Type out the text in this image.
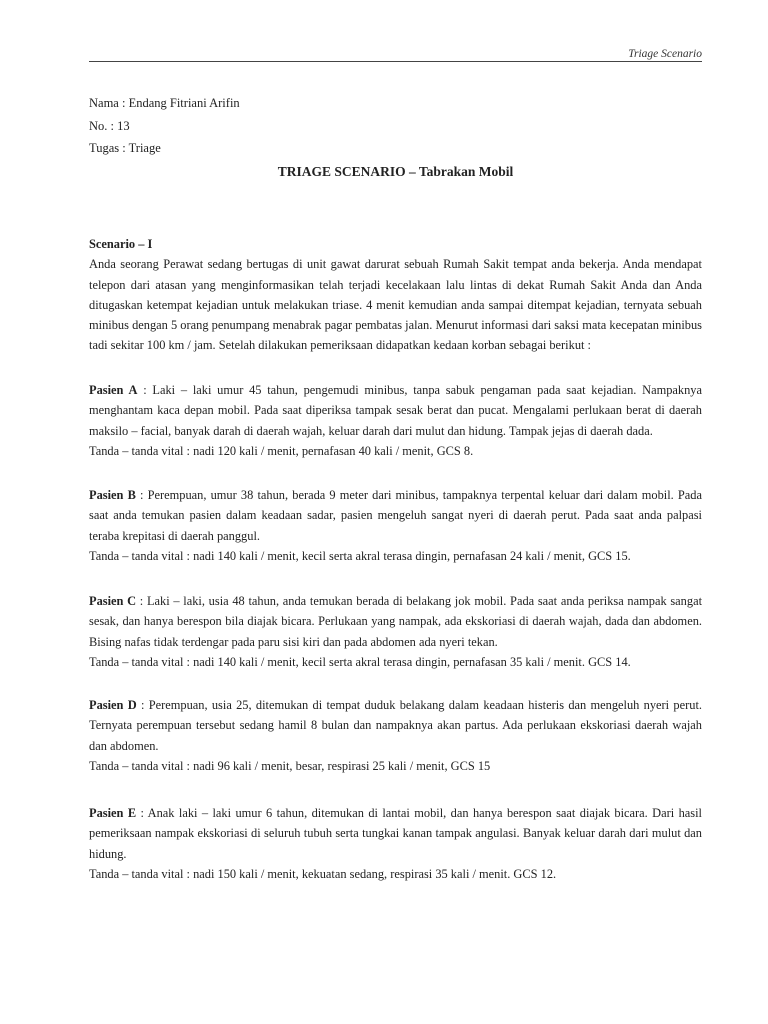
Triage Scenario
Nama : Endang Fitriani Arifin
No. : 13
Tugas : Triage
TRIAGE SCENARIO – Tabrakan Mobil
Scenario – I
Anda seorang Perawat sedang bertugas di unit gawat darurat sebuah Rumah Sakit tempat anda bekerja. Anda mendapat telepon dari atasan yang menginformasikan telah terjadi kecelakaan lalu lintas di dekat Rumah Sakit Anda dan Anda ditugaskan ketempat kejadian untuk melakukan triase. 4 menit kemudian anda sampai ditempat kejadian, ternyata sebuah minibus dengan 5 orang penumpang menabrak pagar pembatas jalan. Menurut informasi dari saksi mata kecepatan minibus tadi sekitar 100 km / jam. Setelah dilakukan pemeriksaan didapatkan kedaan korban sebagai berikut :
Pasien A : Laki – laki umur 45 tahun, pengemudi minibus, tanpa sabuk pengaman pada saat kejadian. Nampaknya menghantam kaca depan mobil. Pada saat diperiksa tampak sesak berat dan pucat. Mengalami perlukaan berat di daerah maksilo – facial, banyak darah di daerah wajah, keluar darah dari mulut dan hidung. Tampak jejas di daerah dada.
Tanda – tanda vital : nadi 120 kali / menit, pernafasan 40 kali / menit, GCS 8.
Pasien B : Perempuan, umur 38 tahun, berada 9 meter dari minibus, tampaknya terpental keluar dari dalam mobil. Pada saat anda temukan pasien dalam keadaan sadar, pasien mengeluh sangat nyeri di daerah perut. Pada saat anda palpasi teraba krepitasi di daerah panggul.
Tanda – tanda vital : nadi 140 kali / menit, kecil serta akral terasa dingin, pernafasan 24 kali / menit, GCS 15.
Pasien C : Laki – laki, usia 48 tahun, anda temukan berada di belakang jok mobil. Pada saat anda periksa nampak sangat sesak, dan hanya berespon bila diajak bicara. Perlukaan yang nampak, ada ekskoriasi di daerah wajah, dada dan abdomen. Bising nafas tidak terdengar pada paru sisi kiri dan pada abdomen ada nyeri tekan.
Tanda – tanda vital : nadi 140 kali / menit, kecil serta akral terasa dingin, pernafasan 35 kali / menit. GCS 14.
Pasien D : Perempuan, usia 25, ditemukan di tempat duduk belakang dalam keadaan histeris dan mengeluh nyeri perut. Ternyata perempuan tersebut sedang hamil 8 bulan dan nampaknya akan partus. Ada perlukaan ekskoriasi daerah wajah dan abdomen.
Tanda – tanda vital : nadi 96 kali / menit, besar, respirasi 25 kali / menit, GCS 15
Pasien E : Anak laki – laki umur 6 tahun, ditemukan di lantai mobil, dan hanya berespon saat diajak bicara. Dari hasil pemeriksaan nampak ekskoriasi di seluruh tubuh serta tungkai kanan tampak angulasi. Banyak keluar darah dari mulut dan hidung.
Tanda – tanda vital : nadi 150 kali / menit, kekuatan sedang, respirasi 35 kali / menit. GCS 12.
